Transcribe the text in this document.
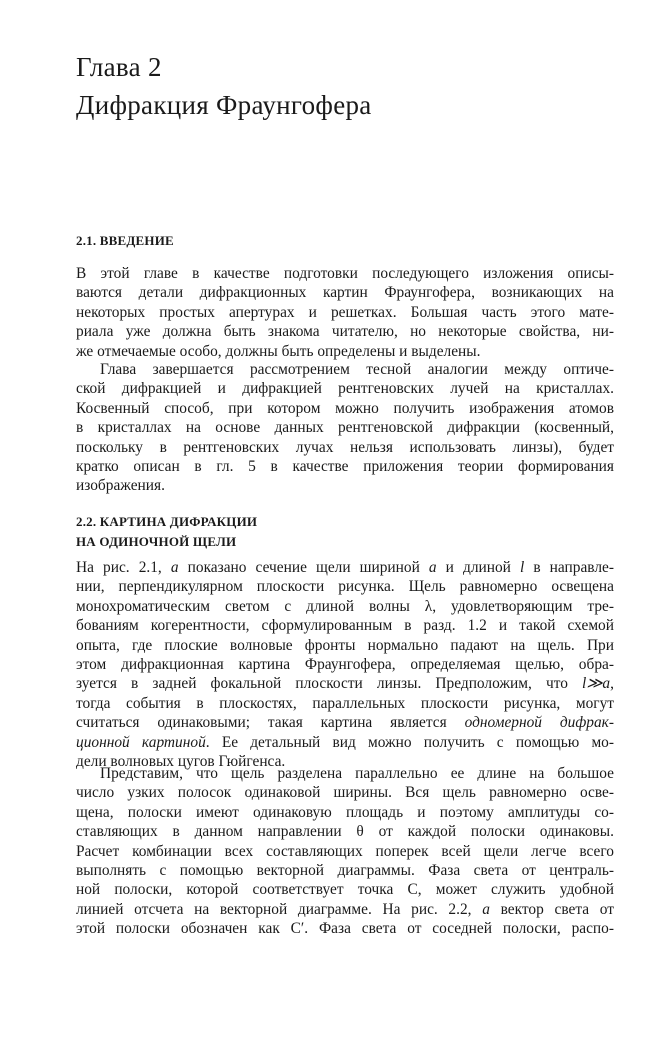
Глава 2
Дифракция Фраунгофера
2.1. ВВЕДЕНИЕ
В этой главе в качестве подготовки последующего изложения описы-
ваются детали дифракционных картин Фраунгофера, возникающих на
некоторых простых апертурах и решетках. Большая часть этого мате-
риала уже должна быть знакома читателю, но некоторые свойства, ни-
же отмечаемые особо, должны быть определены и выделены.
Глава завершается рассмотрением тесной аналогии между оптиче-
ской дифракцией и дифракцией рентгеновских лучей на кристаллах.
Косвенный способ, при котором можно получить изображения атомов
в кристаллах на основе данных рентгеновской дифракции (косвенный,
поскольку в рентгеновских лучах нельзя использовать линзы), будет
кратко описан в гл. 5 в качестве приложения теории формирования
изображения.
2.2. КАРТИНА ДИФРАКЦИИ
НА ОДИНОЧНОЙ ЩЕЛИ
На рис. 2.1, a показано сечение щели шириной a и длиной l в направле-
нии, перпендикулярном плоскости рисунка. Щель равномерно освещена
монохроматическим светом с длиной волны λ, удовлетворяющим тре-
бованиям когерентности, сформулированным в разд. 1.2 и такой схемой
опыта, где плоские волновые фронты нормально падают на щель. При
этом дифракционная картина Фраунгофера, определяемая щелью, обра-
зуется в задней фокальной плоскости линзы. Предположим, что l≫a,
тогда события в плоскостях, параллельных плоскости рисунка, могут
считаться одинаковыми; такая картина является одномерной дифрак-
ционной картиной. Ее детальный вид можно получить с помощью мо-
дели волновых цугов Гюйгенса.
Представим, что щель разделена параллельно ее длине на большое
число узких полосок одинаковой ширины. Вся щель равномерно осве-
щена, полоски имеют одинаковую площадь и поэтому амплитуды со-
ставляющих в данном направлении θ от каждой полоски одинаковы.
Расчет комбинации всех составляющих поперек всей щели легче всего
выполнять с помощью векторной диаграммы. Фаза света от централь-
ной полоски, которой соответствует точка C, может служить удобной
линией отсчета на векторной диаграмме. На рис. 2.2, a вектор света от
этой полоски обозначен как C′. Фаза света от соседней полоски, распо-
